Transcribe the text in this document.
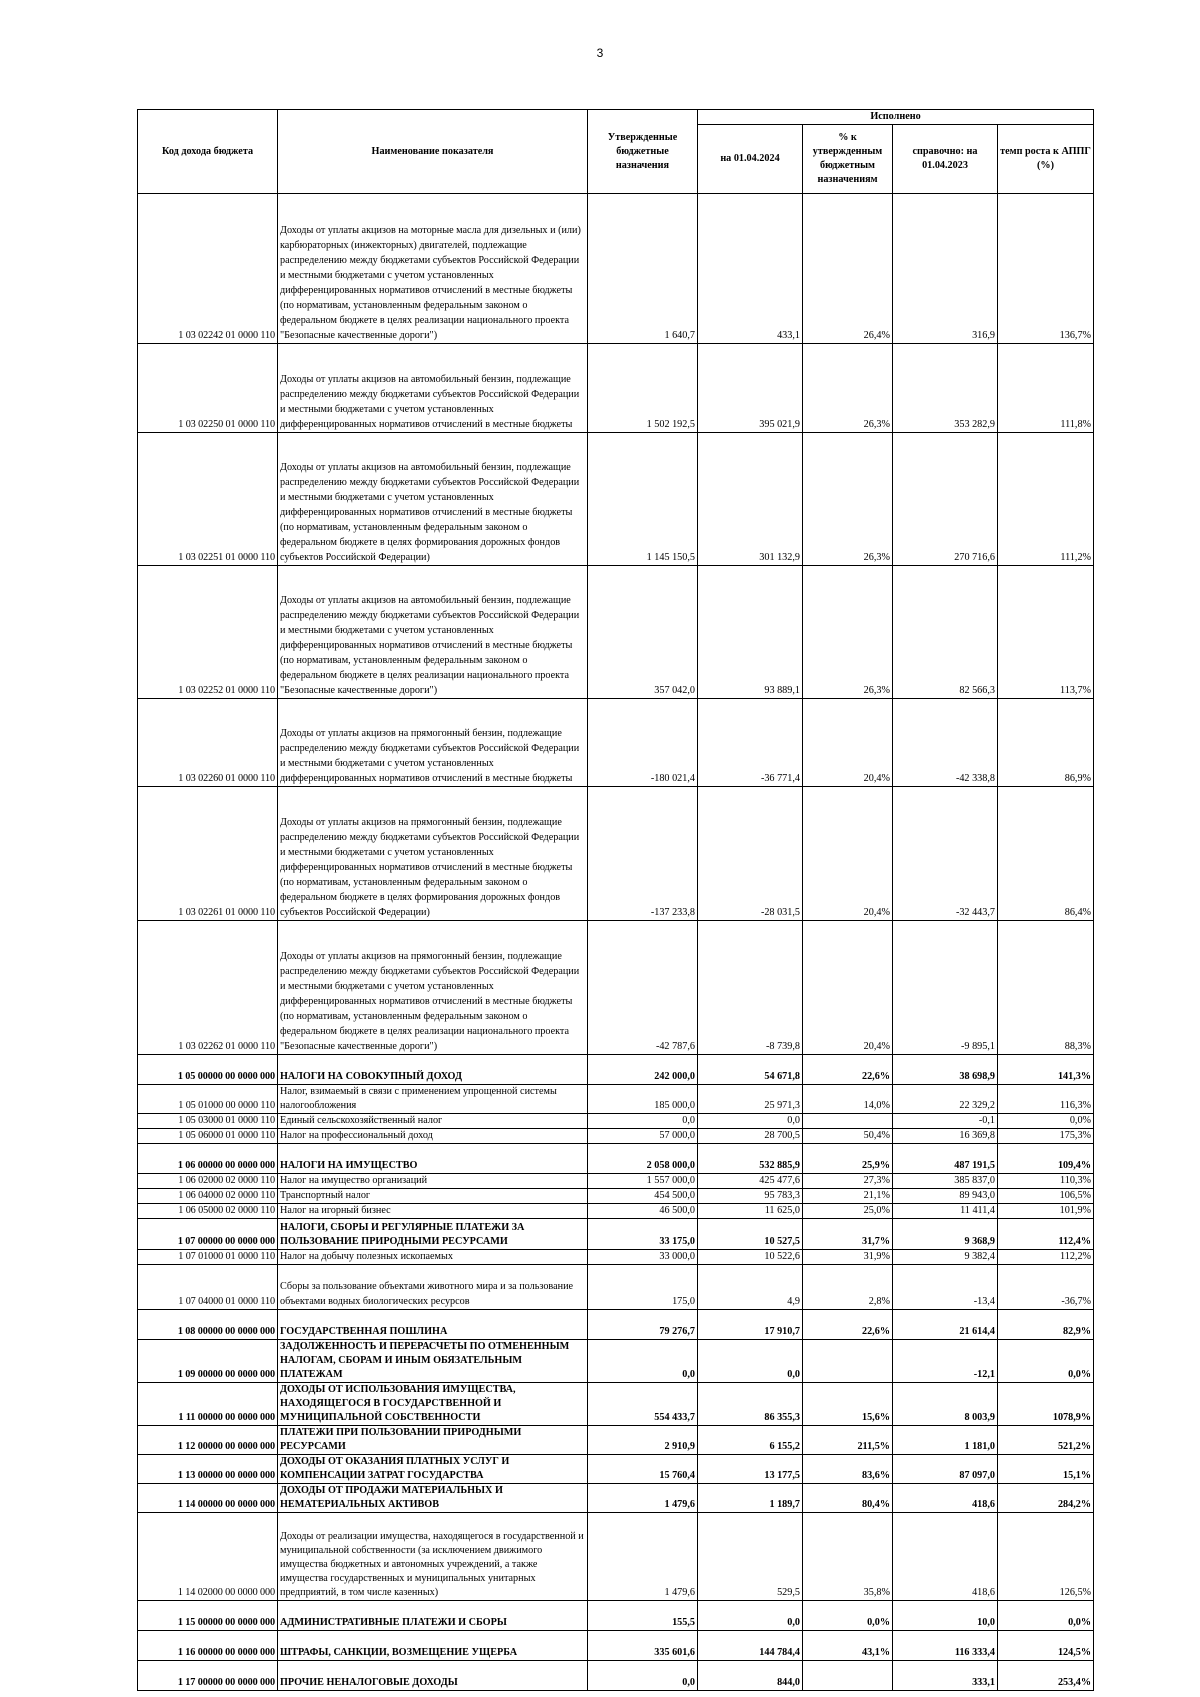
3
Код дохода бюджета	Наименование показателя	Утвержденные бюджетные назначения	Исполнено			
			на 01.04.2024	% к утвержденным бюджетным назначениям	справочно: на 01.04.2023	темп роста к АППГ (%)
1 03 02242 01 0000 110	Доходы от уплаты акцизов на моторные масла для дизельных и (или) карбюраторных (инжекторных) двигателей, подлежащие распределению между бюджетами субъектов Российской Федерации и местными бюджетами с учетом установленных дифференцированных нормативов отчислений в местные бюджеты (по нормативам, установленным федеральным законом о федеральном бюджете в целях реализации национального проекта "Безопасные качественные дороги")	1 640,7	433,1	26,4%	316,9	136,7%
1 03 02250 01 0000 110	Доходы от уплаты акцизов на автомобильный бензин, подлежащие распределению между бюджетами субъектов Российской Федерации и местными бюджетами с учетом установленных дифференцированных нормативов отчислений в местные бюджеты	1 502 192,5	395 021,9	26,3%	353 282,9	111,8%
1 03 02251 01 0000 110	Доходы от уплаты акцизов на автомобильный бензин, подлежащие распределению между бюджетами субъектов Российской Федерации и местными бюджетами с учетом установленных дифференцированных нормативов отчислений в местные бюджеты (по нормативам, установленным федеральным законом о федеральном бюджете в целях формирования дорожных фондов субъектов Российской Федерации)	1 145 150,5	301 132,9	26,3%	270 716,6	111,2%
1 03 02252 01 0000 110	Доходы от уплаты акцизов на автомобильный бензин, подлежащие распределению между бюджетами субъектов Российской Федерации и местными бюджетами с учетом установленных дифференцированных нормативов отчислений в местные бюджеты (по нормативам, установленным федеральным законом о федеральном бюджете в целях реализации национального проекта "Безопасные качественные дороги")	357 042,0	93 889,1	26,3%	82 566,3	113,7%
1 03 02260 01 0000 110	Доходы от уплаты акцизов на прямогонный бензин, подлежащие распределению между бюджетами субъектов Российской Федерации и местными бюджетами с учетом установленных дифференцированных нормативов отчислений в местные бюджеты	-180 021,4	-36 771,4	20,4%	-42 338,8	86,9%
1 03 02261 01 0000 110	Доходы от уплаты акцизов на прямогонный бензин, подлежащие распределению между бюджетами субъектов Российской Федерации и местными бюджетами с учетом установленных дифференцированных нормативов отчислений в местные бюджеты (по нормативам, установленным федеральным законом о федеральном бюджете в целях формирования дорожных фондов субъектов Российской Федерации)	-137 233,8	-28 031,5	20,4%	-32 443,7	86,4%
1 03 02262 01 0000 110	Доходы от уплаты акцизов на прямогонный бензин, подлежащие распределению между бюджетами субъектов Российской Федерации и местными бюджетами с учетом установленных дифференцированных нормативов отчислений в местные бюджеты (по нормативам, установленным федеральным законом о федеральном бюджете в целях реализации национального проекта "Безопасные качественные дороги")	-42 787,6	-8 739,8	20,4%	-9 895,1	88,3%
1 05 00000 00 0000 000	НАЛОГИ НА СОВОКУПНЫЙ ДОХОД	242 000,0	54 671,8	22,6%	38 698,9	141,3%
1 05 01000 00 0000 110	Налог, взимаемый в связи с применением упрощенной системы налогообложения	185 000,0	25 971,3	14,0%	22 329,2	116,3%
1 05 03000 01 0000 110	Единый сельскохозяйственный налог	0,0	0,0		-0,1	0,0%
1 05 06000 01 0000 110	Налог на профессиональный доход	57 000,0	28 700,5	50,4%	16 369,8	175,3%
1 06 00000 00 0000 000	НАЛОГИ НА ИМУЩЕСТВО	2 058 000,0	532 885,9	25,9%	487 191,5	109,4%
1 06 02000 02 0000 110	Налог на имущество организаций	1 557 000,0	425 477,6	27,3%	385 837,0	110,3%
1 06 04000 02 0000 110	Транспортный налог	454 500,0	95 783,3	21,1%	89 943,0	106,5%
1 06 05000 02 0000 110	Налог на игорный бизнес	46 500,0	11 625,0	25,0%	11 411,4	101,9%
1 07 00000 00 0000 000	НАЛОГИ, СБОРЫ И РЕГУЛЯРНЫЕ ПЛАТЕЖИ ЗА ПОЛЬЗОВАНИЕ ПРИРОДНЫМИ РЕСУРСАМИ	33 175,0	10 527,5	31,7%	9 368,9	112,4%
1 07 01000 01 0000 110	Налог на добычу полезных ископаемых	33 000,0	10 522,6	31,9%	9 382,4	112,2%
1 07 04000 01 0000 110	Сборы за пользование объектами животного мира и за пользование объектами водных биологических ресурсов	175,0	4,9	2,8%	-13,4	-36,7%
1 08 00000 00 0000 000	ГОСУДАРСТВЕННАЯ ПОШЛИНА	79 276,7	17 910,7	22,6%	21 614,4	82,9%
1 09 00000 00 0000 000	ЗАДОЛЖЕННОСТЬ И ПЕРЕРАСЧЕТЫ ПО ОТМЕНЕННЫМ НАЛОГАМ, СБОРАМ И ИНЫМ ОБЯЗАТЕЛЬНЫМ ПЛАТЕЖАМ	0,0	0,0		-12,1	0,0%
1 11 00000 00 0000 000	ДОХОДЫ ОТ ИСПОЛЬЗОВАНИЯ ИМУЩЕСТВА, НАХОДЯЩЕГОСЯ В ГОСУДАРСТВЕННОЙ И МУНИЦИПАЛЬНОЙ СОБСТВЕННОСТИ	554 433,7	86 355,3	15,6%	8 003,9	1078,9%
1 12 00000 00 0000 000	ПЛАТЕЖИ ПРИ ПОЛЬЗОВАНИИ ПРИРОДНЫМИ РЕСУРСАМИ	2 910,9	6 155,2	211,5%	1 181,0	521,2%
1 13 00000 00 0000 000	ДОХОДЫ ОТ ОКАЗАНИЯ ПЛАТНЫХ УСЛУГ И КОМПЕНСАЦИИ ЗАТРАТ ГОСУДАРСТВА	15 760,4	13 177,5	83,6%	87 097,0	15,1%
1 14 00000 00 0000 000	ДОХОДЫ ОТ ПРОДАЖИ МАТЕРИАЛЬНЫХ И НЕМАТЕРИАЛЬНЫХ АКТИВОВ	1 479,6	1 189,7	80,4%	418,6	284,2%
1 14 02000 00 0000 000	Доходы от реализации имущества, находящегося в государственной и муниципальной собственности (за исключением движимого имущества бюджетных и автономных учреждений, а также имущества государственных и муниципальных унитарных предприятий, в том числе казенных)	1 479,6	529,5	35,8%	418,6	126,5%
1 15 00000 00 0000 000	АДМИНИСТРАТИВНЫЕ ПЛАТЕЖИ И СБОРЫ	155,5	0,0	0,0%	10,0	0,0%
1 16 00000 00 0000 000	ШТРАФЫ, САНКЦИИ, ВОЗМЕЩЕНИЕ УЩЕРБА	335 601,6	144 784,4	43,1%	116 333,4	124,5%
1 17 00000 00 0000 000	ПРОЧИЕ НЕНАЛОГОВЫЕ ДОХОДЫ	0,0	844,0		333,1	253,4%
